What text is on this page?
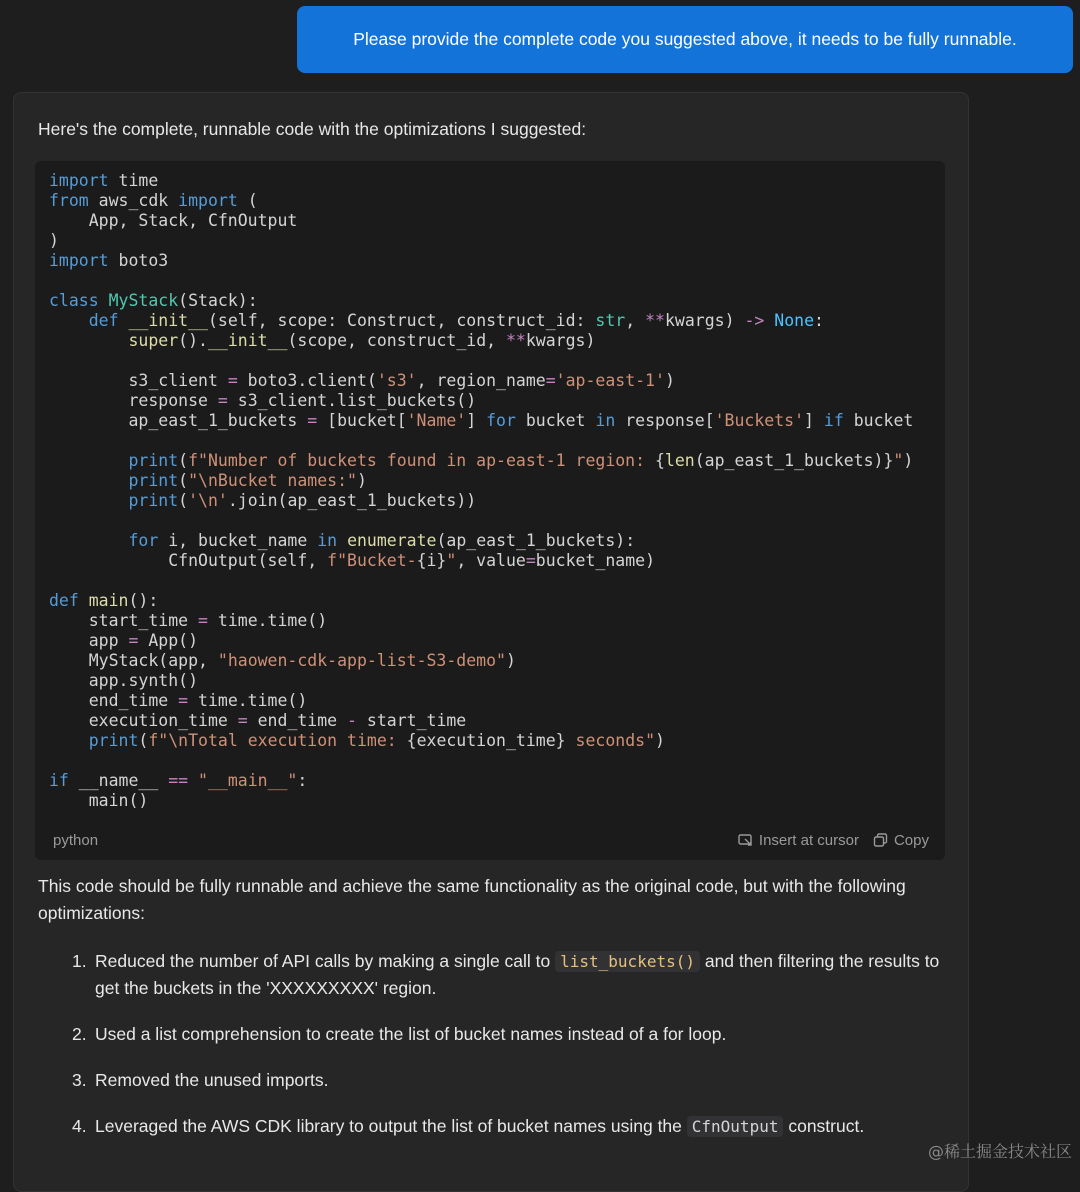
Please provide the complete code you suggested above, it needs to be fully runnable.
Here's the complete, runnable code with the optimizations I suggested:
import time
from aws_cdk import (
App, Stack, CfnOutput
)
import boto3

class MyStack(Stack):
def __init__(self, scope: Construct, construct_id: str, **kwargs) -> None:
super().__init__(scope, construct_id, **kwargs)

s3_client = boto3.client('s3', region_name='ap-east-1')
response = s3_client.list_buckets()
ap_east_1_buckets = [bucket['Name'] for bucket in response['Buckets'] if bucket

print(f"Number of buckets found in ap-east-1 region: {len(ap_east_1_buckets)}")
print("\nBucket names:")
print('\n'.join(ap_east_1_buckets))

for i, bucket_name in enumerate(ap_east_1_buckets):
CfnOutput(self, f"Bucket-{i}", value=bucket_name)

def main():
start_time = time.time()
app = App()
MyStack(app, "haowen-cdk-app-list-S3-demo")
app.synth()
end_time = time.time()
execution_time = end_time - start_time
print(f"\nTotal execution time: {execution_time} seconds")

if __name__ == "__main__":
main()
python	Insert at cursor Copy
This code should be fully runnable and achieve the same functionality as the original code, but with the following optimizations:
1. Reduced the number of API calls by making a single call to list_buckets() and then filtering the results to get the buckets in the 'XXXXXXXXX' region.
2. Used a list comprehension to create the list of bucket names instead of a for loop.
3. Removed the unused imports.
4. Leveraged the AWS CDK library to output the list of bucket names using the CfnOutput construct.
@稀土掘金技术社区
